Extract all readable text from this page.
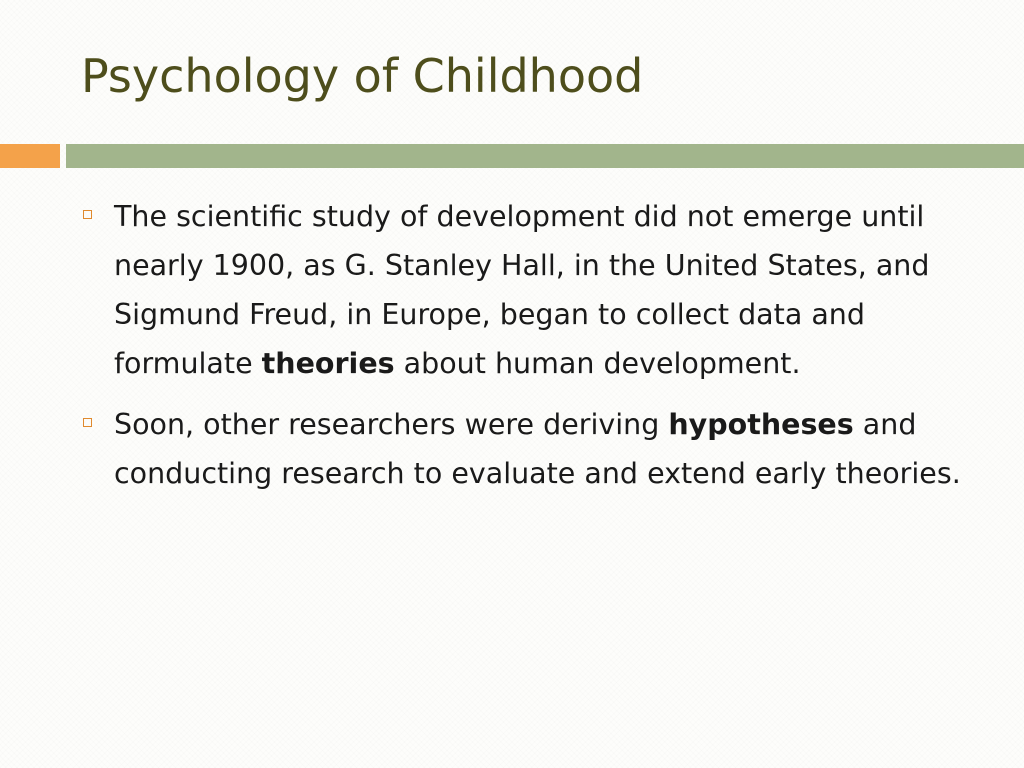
Psychology of Childhood
The scientific study of development did not emerge until nearly 1900, as G. Stanley Hall, in the United States, and Sigmund Freud, in Europe, began to collect data and formulate theories about human development.
Soon, other researchers were deriving hypotheses and conducting research to evaluate and extend early theories.
